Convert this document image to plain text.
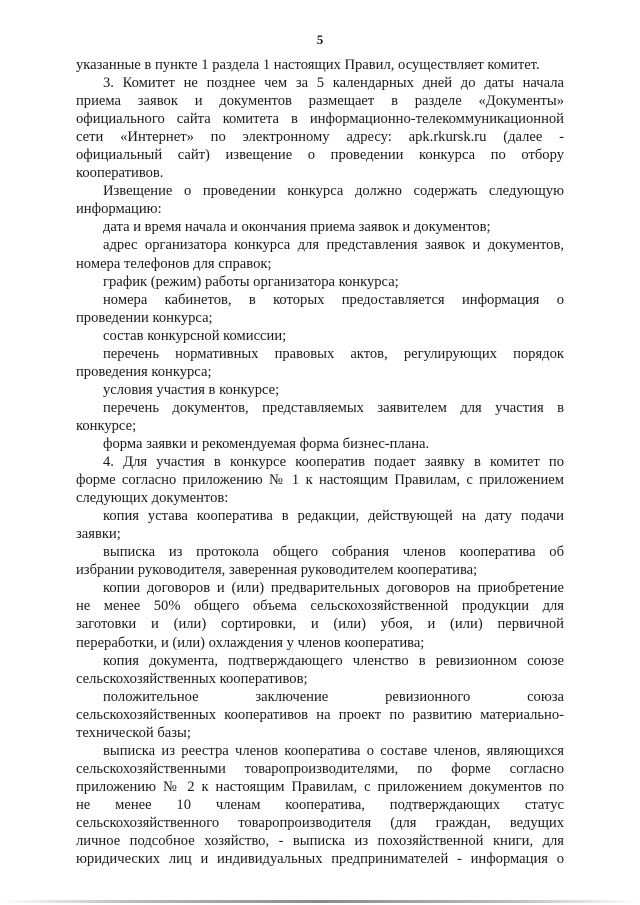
5
указанные в пункте 1 раздела 1 настоящих Правил, осуществляет комитет.
3. Комитет не позднее чем за 5 календарных дней до даты начала
приема заявок и документов размещает в разделе «Документы»
официального сайта комитета в информационно-телекоммуникационной
сети «Интернет» по электронному адресу: apk.rkursk.ru (далее -
официальный сайт) извещение о проведении конкурса по отбору
кооперативов.
Извещение о проведении конкурса должно содержать следующую
информацию:
дата и время начала и окончания приема заявок и документов;
адрес организатора конкурса для представления заявок и документов,
номера телефонов для справок;
график (режим) работы организатора конкурса;
номера кабинетов, в которых предоставляется информация о
проведении конкурса;
состав конкурсной комиссии;
перечень нормативных правовых актов, регулирующих порядок
проведения конкурса;
условия участия в конкурсе;
перечень документов, представляемых заявителем для участия в
конкурсе;
форма заявки и рекомендуемая форма бизнес-плана.
4. Для участия в конкурсе кооператив подает заявку в комитет по
форме согласно приложению № 1 к настоящим Правилам, с приложением
следующих документов:
копия устава кооператива в редакции, действующей на дату подачи
заявки;
выписка из протокола общего собрания членов кооператива об
избрании руководителя, заверенная руководителем кооператива;
копии договоров и (или) предварительных договоров на приобретение
не менее 50% общего объема сельскохозяйственной продукции для
заготовки и (или) сортировки, и (или) убоя, и (или) первичной
переработки, и (или) охлаждения у членов кооператива;
копия документа, подтверждающего членство в ревизионном союзе
сельскохозяйственных кооперативов;
положительное заключение ревизионного союза
сельскохозяйственных кооперативов на проект по развитию материально-
технической базы;
выписка из реестра членов кооператива о составе членов, являющихся
сельскохозяйственными товаропроизводителями, по форме согласно
приложению № 2 к настоящим Правилам, с приложением документов по
не менее 10 членам кооператива, подтверждающих статус
сельскохозяйственного товаропроизводителя (для граждан, ведущих
личное подсобное хозяйство, - выписка из похозяйственной книги, для
юридических лиц и индивидуальных предпринимателей - информация о
